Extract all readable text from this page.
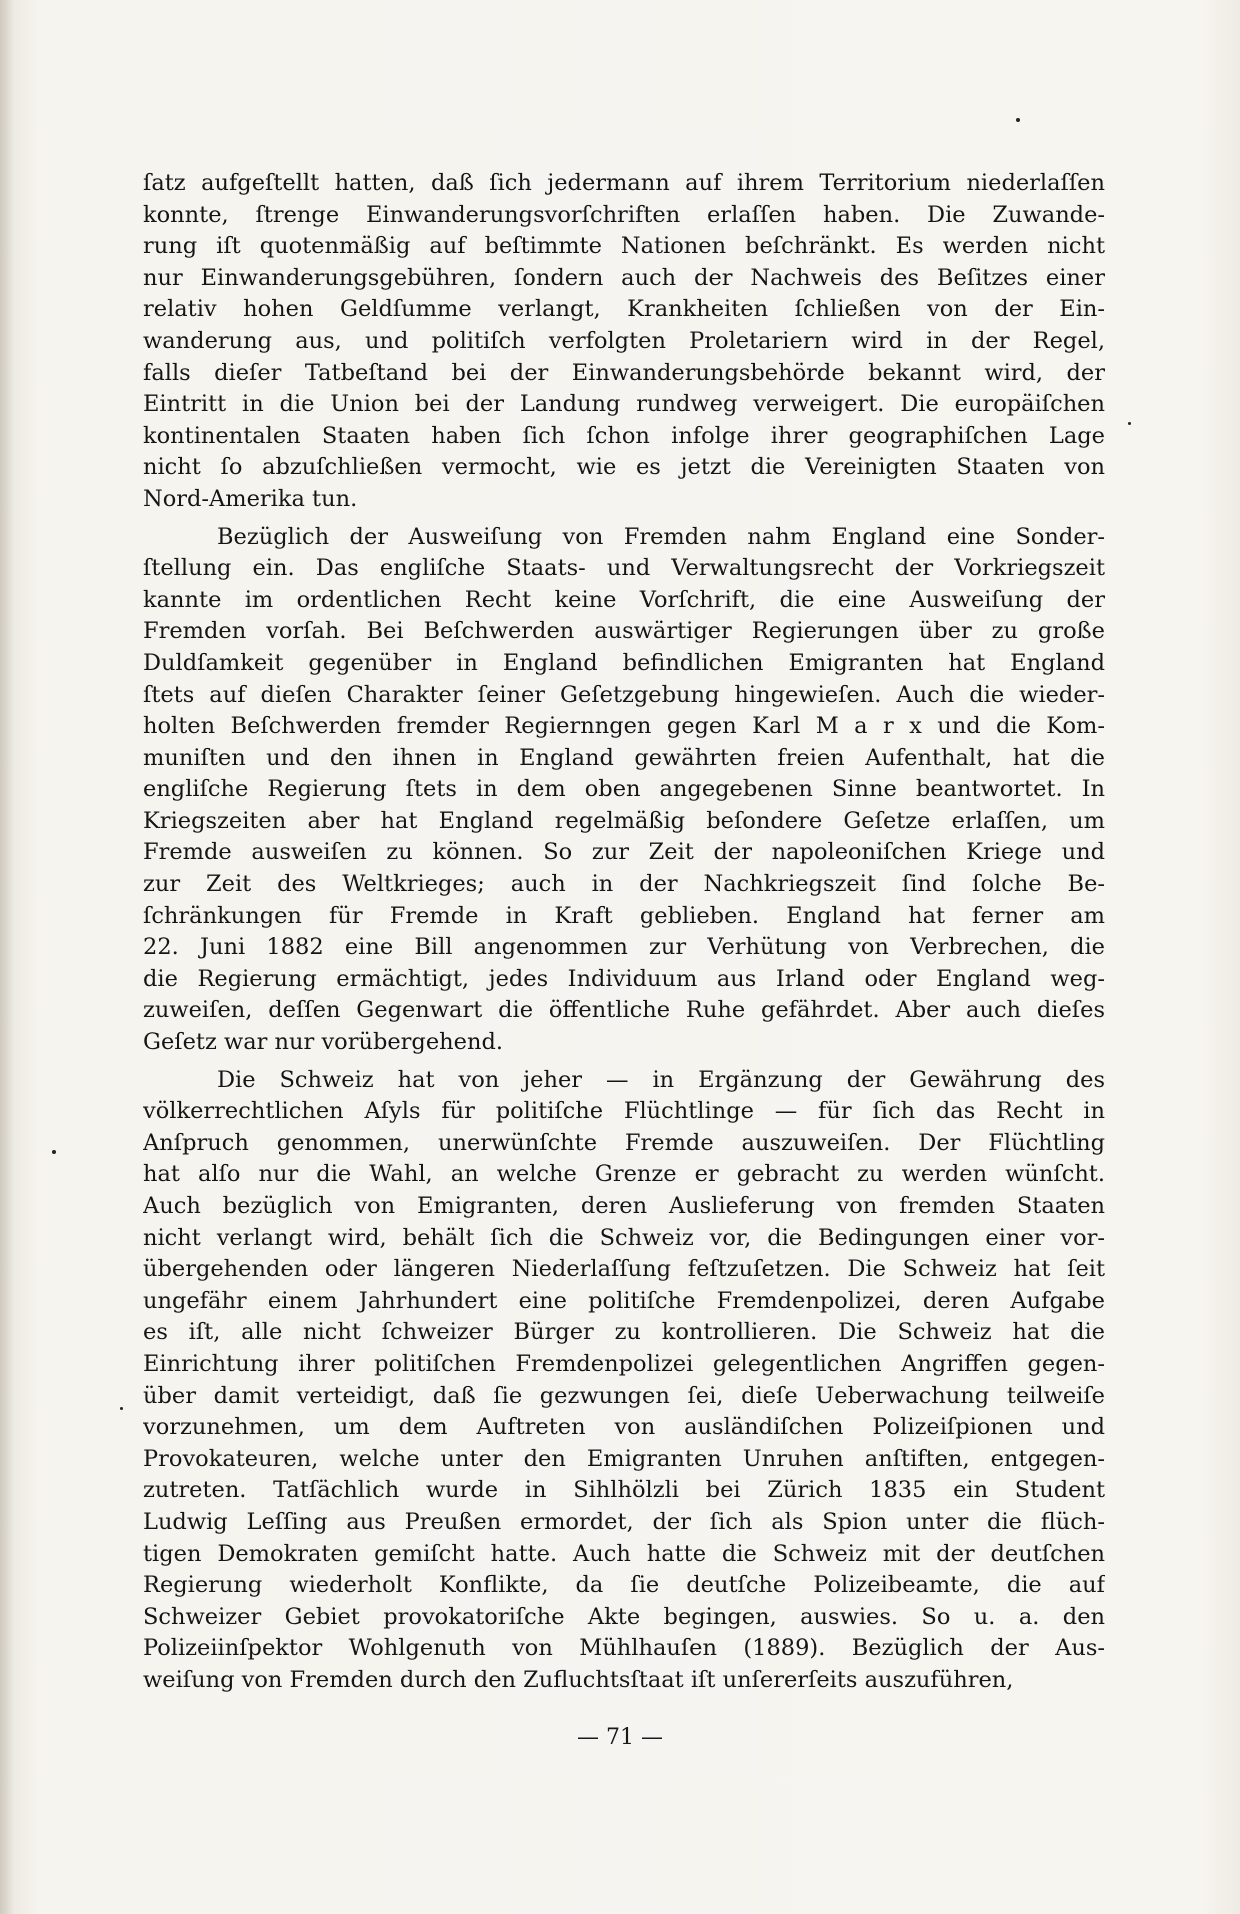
ſatz aufgeſtellt hatten, daß ſich jedermann auf ihrem Territorium niederlaſſen
konnte, ſtrenge Einwanderungsvorſchriften erlaſſen haben. Die Zuwande-
rung iſt quotenmäßig auf beſtimmte Nationen beſchränkt. Es werden nicht
nur Einwanderungsgebühren, ſondern auch der Nachweis des Beſitzes einer
relativ hohen Geldſumme verlangt, Krankheiten ſchließen von der Ein-
wanderung aus, und politiſch verfolgten Proletariern wird in der Regel,
falls dieſer Tatbeſtand bei der Einwanderungsbehörde bekannt wird, der
Eintritt in die Union bei der Landung rundweg verweigert. Die europäiſchen
kontinentalen Staaten haben ſich ſchon infolge ihrer geographiſchen Lage
nicht ſo abzuſchließen vermocht, wie es jetzt die Vereinigten Staaten von
Nord-Amerika tun.
Bezüglich der Ausweiſung von Fremden nahm England eine Sonder-
ſtellung ein. Das engliſche Staats- und Verwaltungsrecht der Vorkriegszeit
kannte im ordentlichen Recht keine Vorſchrift, die eine Ausweiſung der
Fremden vorſah. Bei Beſchwerden auswärtiger Regierungen über zu große
Duldſamkeit gegenüber in England befindlichen Emigranten hat England
ſtets auf dieſen Charakter ſeiner Geſetzgebung hingewieſen. Auch die wieder-
holten Beſchwerden fremder Regiernngen gegen Karl M a r x und die Kom-
muniſten und den ihnen in England gewährten freien Aufenthalt, hat die
engliſche Regierung ſtets in dem oben angegebenen Sinne beantwortet. In
Kriegszeiten aber hat England regelmäßig beſondere Geſetze erlaſſen, um
Fremde ausweiſen zu können. So zur Zeit der napoleoniſchen Kriege und
zur Zeit des Weltkrieges; auch in der Nachkriegszeit ſind ſolche Be-
ſchränkungen für Fremde in Kraft geblieben. England hat ferner am
22. Juni 1882 eine Bill angenommen zur Verhütung von Verbrechen, die
die Regierung ermächtigt, jedes Individuum aus Irland oder England weg-
zuweiſen, deſſen Gegenwart die öffentliche Ruhe gefährdet. Aber auch dieſes
Geſetz war nur vorübergehend.
Die Schweiz hat von jeher — in Ergänzung der Gewährung des
völkerrechtlichen Aſyls für politiſche Flüchtlinge — für ſich das Recht in
Anſpruch genommen, unerwünſchte Fremde auszuweiſen. Der Flüchtling
hat alſo nur die Wahl, an welche Grenze er gebracht zu werden wünſcht.
Auch bezüglich von Emigranten, deren Auslieferung von fremden Staaten
nicht verlangt wird, behält ſich die Schweiz vor, die Bedingungen einer vor-
übergehenden oder längeren Niederlaſſung feſtzuſetzen. Die Schweiz hat ſeit
ungefähr einem Jahrhundert eine politiſche Fremdenpolizei, deren Aufgabe
es iſt, alle nicht ſchweizer Bürger zu kontrollieren. Die Schweiz hat die
Einrichtung ihrer politiſchen Fremdenpolizei gelegentlichen Angriffen gegen-
über damit verteidigt, daß ſie gezwungen ſei, dieſe Ueberwachung teilweiſe
vorzunehmen, um dem Auftreten von ausländiſchen Polizeiſpionen und
Provokateuren, welche unter den Emigranten Unruhen anſtiften, entgegen-
zutreten. Tatſächlich wurde in Sihlhölzli bei Zürich 1835 ein Student
Ludwig Leſſing aus Preußen ermordet, der ſich als Spion unter die flüch-
tigen Demokraten gemiſcht hatte. Auch hatte die Schweiz mit der deutſchen
Regierung wiederholt Konflikte, da ſie deutſche Polizeibeamte, die auf
Schweizer Gebiet provokatoriſche Akte begingen, auswies. So u. a. den
Polizeiinſpektor Wohlgenuth von Mühlhauſen (1889). Bezüglich der Aus-
weiſung von Fremden durch den Zufluchtsſtaat iſt unſererſeits auszuführen,
— 71 —
